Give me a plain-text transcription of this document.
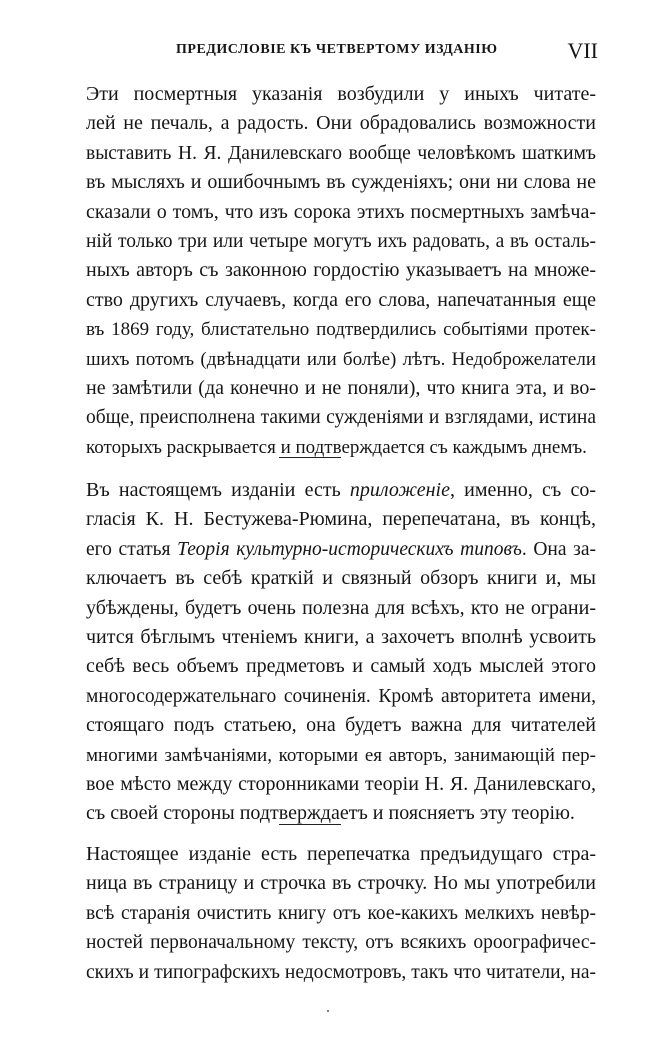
ПРЕДИСЛОВІЕ КЪ ЧЕТВЕРТОМУ ИЗДАНІЮ	VII
Эти посмертныя указанія возбудили у иныхъ читате-
лей не печаль, а радость. Они обрадовались возможности
выставить Н. Я. Данилевскаго вообще человѣкомъ шаткимъ
въ мысляхъ и ошибочнымъ въ сужденіяхъ; они ни слова не
сказали о томъ, что изъ сорока этихъ посмертныхъ замѣча-
ній только три или четыре могутъ ихъ радовать, а въ осталь-
ныхъ авторъ съ законною гордостію указываетъ на множе-
ство другихъ случаевъ, когда его слова, напечатанныя еще
въ 1869 году, блистательно подтвердились событіями протек-
шихъ потомъ (двѣнадцати или болѣе) лѣтъ. Недоброжелатели
не замѣтили (да конечно и не поняли), что книга эта, и во-
обще, преисполнена такими сужденіями и взглядами, истина
которыхъ раскрывается и подтверждается съ каждымъ днемъ.
Въ настоящемъ изданіи есть приложеніе, именно, съ со-
гласія К. Н. Бестужева-Рюмина, перепечатана, въ концѣ,
его статья Теорія культурно-историческихъ типовъ. Она за-
ключаетъ въ себѣ краткій и связный обзоръ книги и, мы
убѣждены, будетъ очень полезна для всѣхъ, кто не ограни-
чится бѣглымъ чтеніемъ книги, а захочетъ вполнѣ усвоить
себѣ весь объемъ предметовъ и самый ходъ мыслей этого
многосодержательнаго сочиненія. Кромѣ авторитета имени,
стоящаго подъ статьею, она будетъ важна для читателей
многими замѣчаніями, которыми ея авторъ, занимающій пер-
вое мѣсто между сторонниками теоріи Н. Я. Данилевскаго,
съ своей стороны подтверждаетъ и поясняетъ эту теорію.
Настоящее изданіе есть перепечатка предъидущаго стра-
ница въ страницу и строчка въ строчку. Но мы употребили
всѣ старанія очистить книгу отъ кое-какихъ мелкихъ невѣр-
ностей первоначальному тексту, отъ всякихъ ороографичес-
скихъ и типографскихъ недосмотровъ, такъ что читатели, на-
